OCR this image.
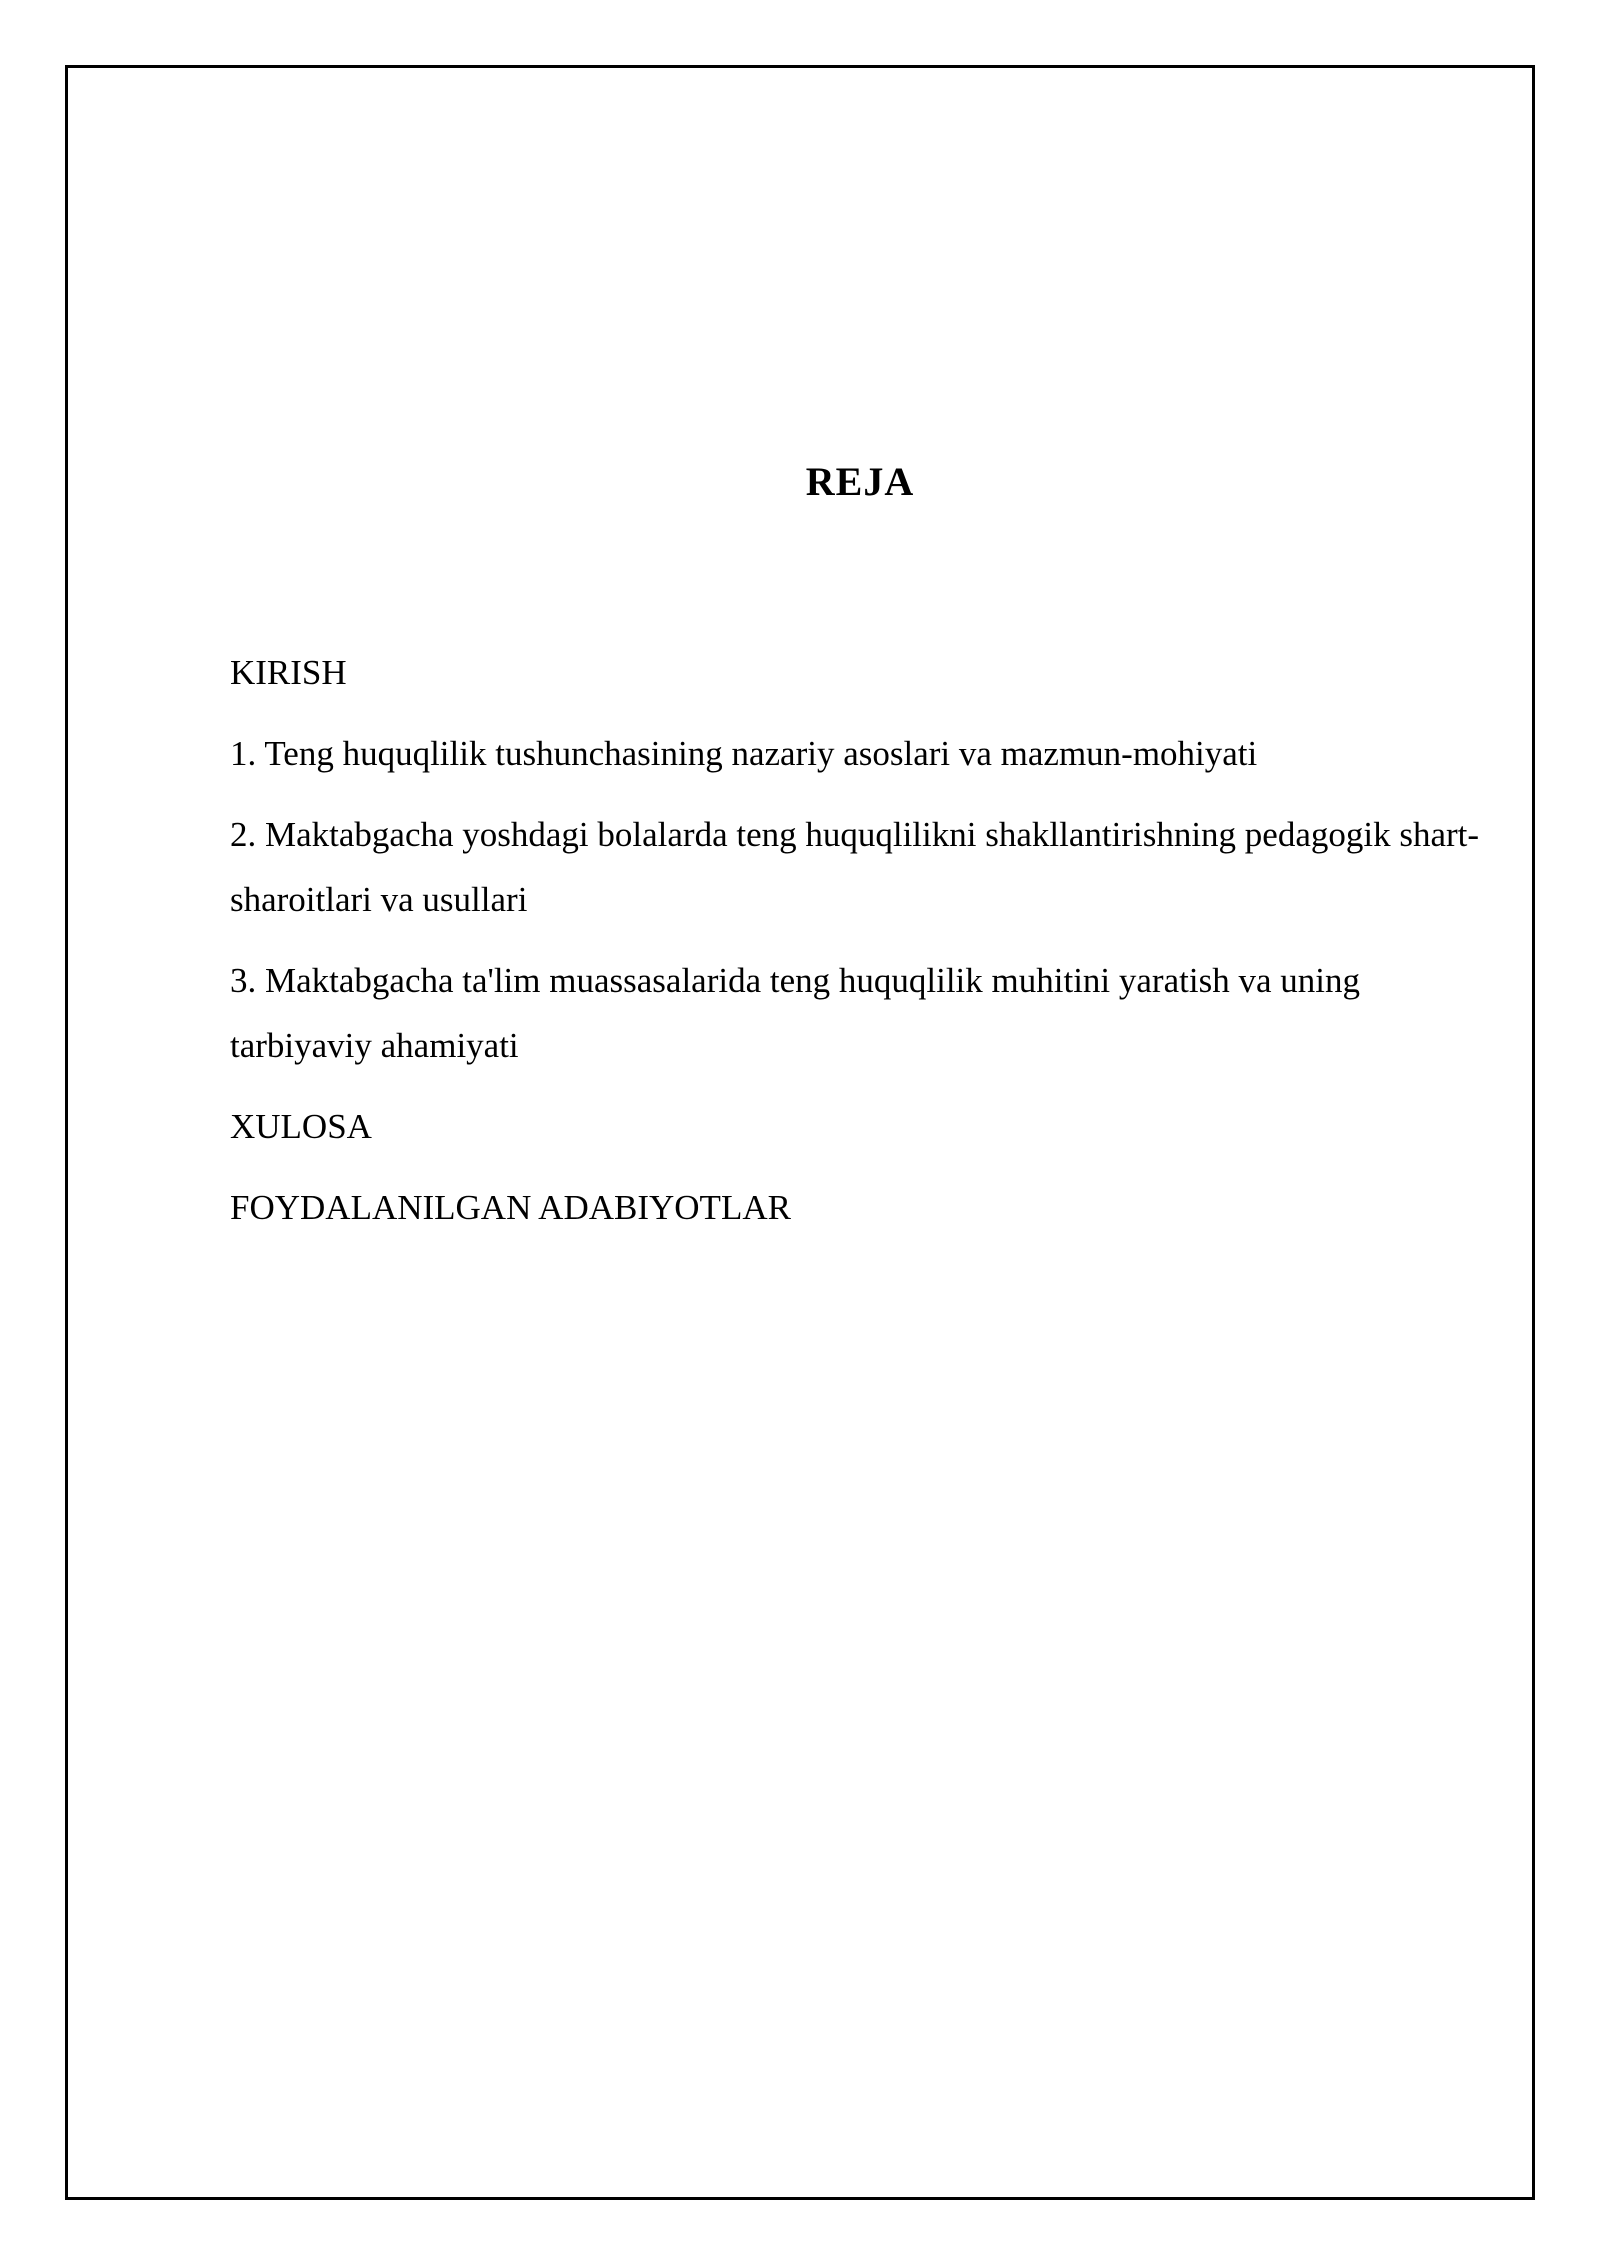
REJA
KIRISH
1. Teng huquqlilik tushunchasining nazariy asoslari va mazmun-mohiyati
2. Maktabgacha yoshdagi bolalarda teng huquqlilikni shakllantirishning pedagogik shart-sharoitlari va usullari
3. Maktabgacha ta'lim muassasalarida teng huquqlilik muhitini yaratish va uning tarbiyaviy ahamiyati
XULOSA
FOYDALANILGAN ADABIYOTLAR
